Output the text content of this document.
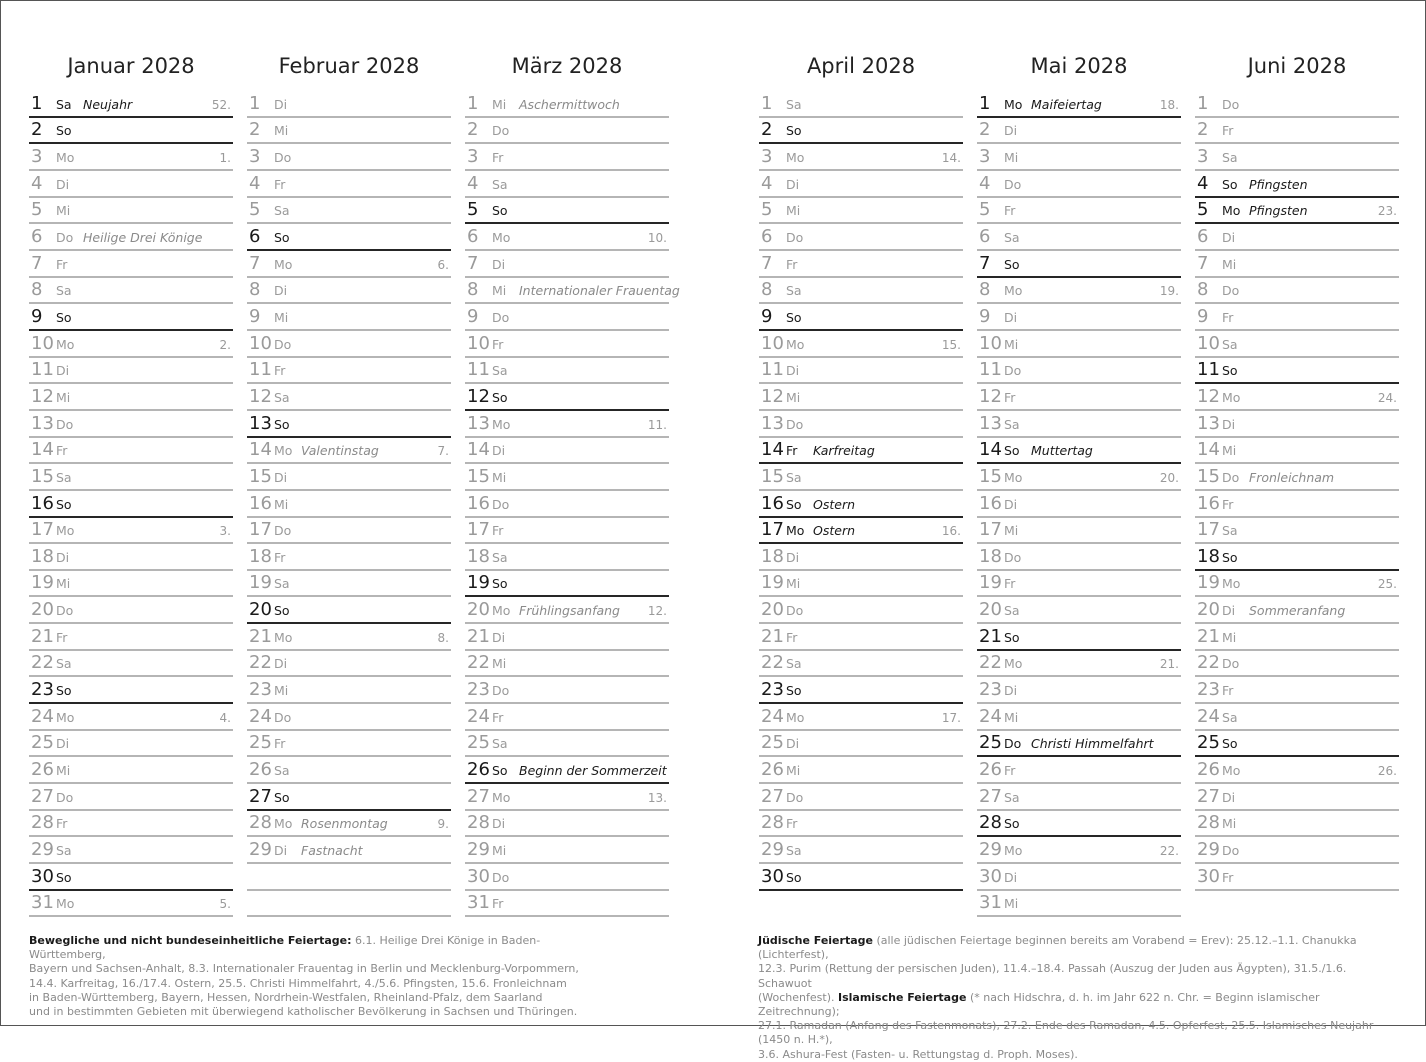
Januar 2028
1 Sa Neujahr	52.
2 So
3 Mo	1.
4 Di
5 Mi
6 Do Heilige Drei Könige
7 Fr
8 Sa
9 So
10 Mo	2.
11 Di
12 Mi
13 Do
14 Fr
15 Sa
16 So
17 Mo	3.
18 Di
19 Mi
20 Do
21 Fr
22 Sa
23 So
24 Mo	4.
25 Di
26 Mi
27 Do
28 Fr
29 Sa
30 So
31 Mo	5.
Februar 2028
1 Di
2 Mi
3 Do
4 Fr
5 Sa
6 So
7 Mo	6.
8 Di
9 Mi
10 Do
11 Fr
12 Sa
13 So
14 Mo Valentinstag	7.
15 Di
16 Mi
17 Do
18 Fr
19 Sa
20 So
21 Mo	8.
22 Di
23 Mi
24 Do
25 Fr
26 Sa
27 So
28 Mo Rosenmontag	9.
29 Di Fastnacht
März 2028
1 Mi Aschermittwoch
2 Do
3 Fr
4 Sa
5 So
6 Mo	10.
7 Di
8 Mi Internationaler Frauentag
9 Do
10 Fr
11 Sa
12 So
13 Mo	11.
14 Di
15 Mi
16 Do
17 Fr
18 Sa
19 So
20 Mo Frühlingsanfang 12.
21 Di
22 Mi
23 Do
24 Fr
25 Sa
26 So Beginn der Sommerzeit
27 Mo	13.
28 Di
29 Mi
30 Do
31 Fr
April 2028
1 Sa
2 So
3 Mo	14.
4 Di
5 Mi
6 Do
7 Fr
8 Sa
9 So
10 Mo	15.
11 Di
12 Mi
13 Do
14 Fr Karfreitag
15 Sa
16 So Ostern
17 Mo Ostern	16.
18 Di
19 Mi
20 Do
21 Fr
22 Sa
23 So
24 Mo	17.
25 Di
26 Mi
27 Do
28 Fr
29 Sa
30 So
Mai 2028
1 Mo Maifeiertag	18.
2 Di
3 Mi
4 Do
5 Fr
6 Sa
7 So
8 Mo	19.
9 Di
10 Mi
11 Do
12 Fr
13 Sa
14 So Muttertag
15 Mo	20.
16 Di
17 Mi
18 Do
19 Fr
20 Sa
21 So
22 Mo	21.
23 Di
24 Mi
25 Do Christi Himmelfahrt
26 Fr
27 Sa
28 So
29 Mo	22.
30 Di
31 Mi
Juni 2028
1 Do
2 Fr
3 Sa
4 So Pfingsten
5 Mo Pfingsten	23.
6 Di
7 Mi
8 Do
9 Fr
10 Sa
11 So
12 Mo	24.
13 Di
14 Mi
15 Do Fronleichnam
16 Fr
17 Sa
18 So
19 Mo	25.
20 Di Sommeranfang
21 Mi
22 Do
23 Fr
24 Sa
25 So
26 Mo	26.
27 Di
28 Mi
29 Do
30 Fr
Bewegliche und nicht bundeseinheitliche Feiertage: 6.1. Heilige Drei Könige in Baden-Württemberg,
Bayern und Sachsen-Anhalt, 8.3. Internationaler Frauentag in Berlin und Mecklenburg-Vorpommern,
14.4. Karfreitag, 16./17.4. Ostern, 25.5. Christi Himmelfahrt, 4./5.6. Pfingsten, 15.6. Fronleichnam
in Baden-Württemberg, Bayern, Hessen, Nordrhein-Westfalen, Rheinland-Pfalz, dem Saarland
und in bestimmten Gebieten mit überwiegend katholischer Bevölkerung in Sachsen und Thüringen.
Jüdische Feiertage (alle jüdischen Feiertage beginnen bereits am Vorabend = Erev): 25.12.–1.1. Chanukka (Lichterfest),
12.3. Purim (Rettung der persischen Juden), 11.4.–18.4. Passah (Auszug der Juden aus Ägypten), 31.5./1.6. Schawuot
(Wochenfest). Islamische Feiertage (* nach Hidschra, d. h. im Jahr 622 n. Chr. = Beginn islamischer Zeitrechnung);
27.1. Ramadan (Anfang des Fastenmonats), 27.2. Ende des Ramadan, 4.5. Opferfest, 25.5. Islamisches Neujahr (1450 n. H.*),
3.6. Ashura-Fest (Fasten- u. Rettungstag d. Proph. Moses).
